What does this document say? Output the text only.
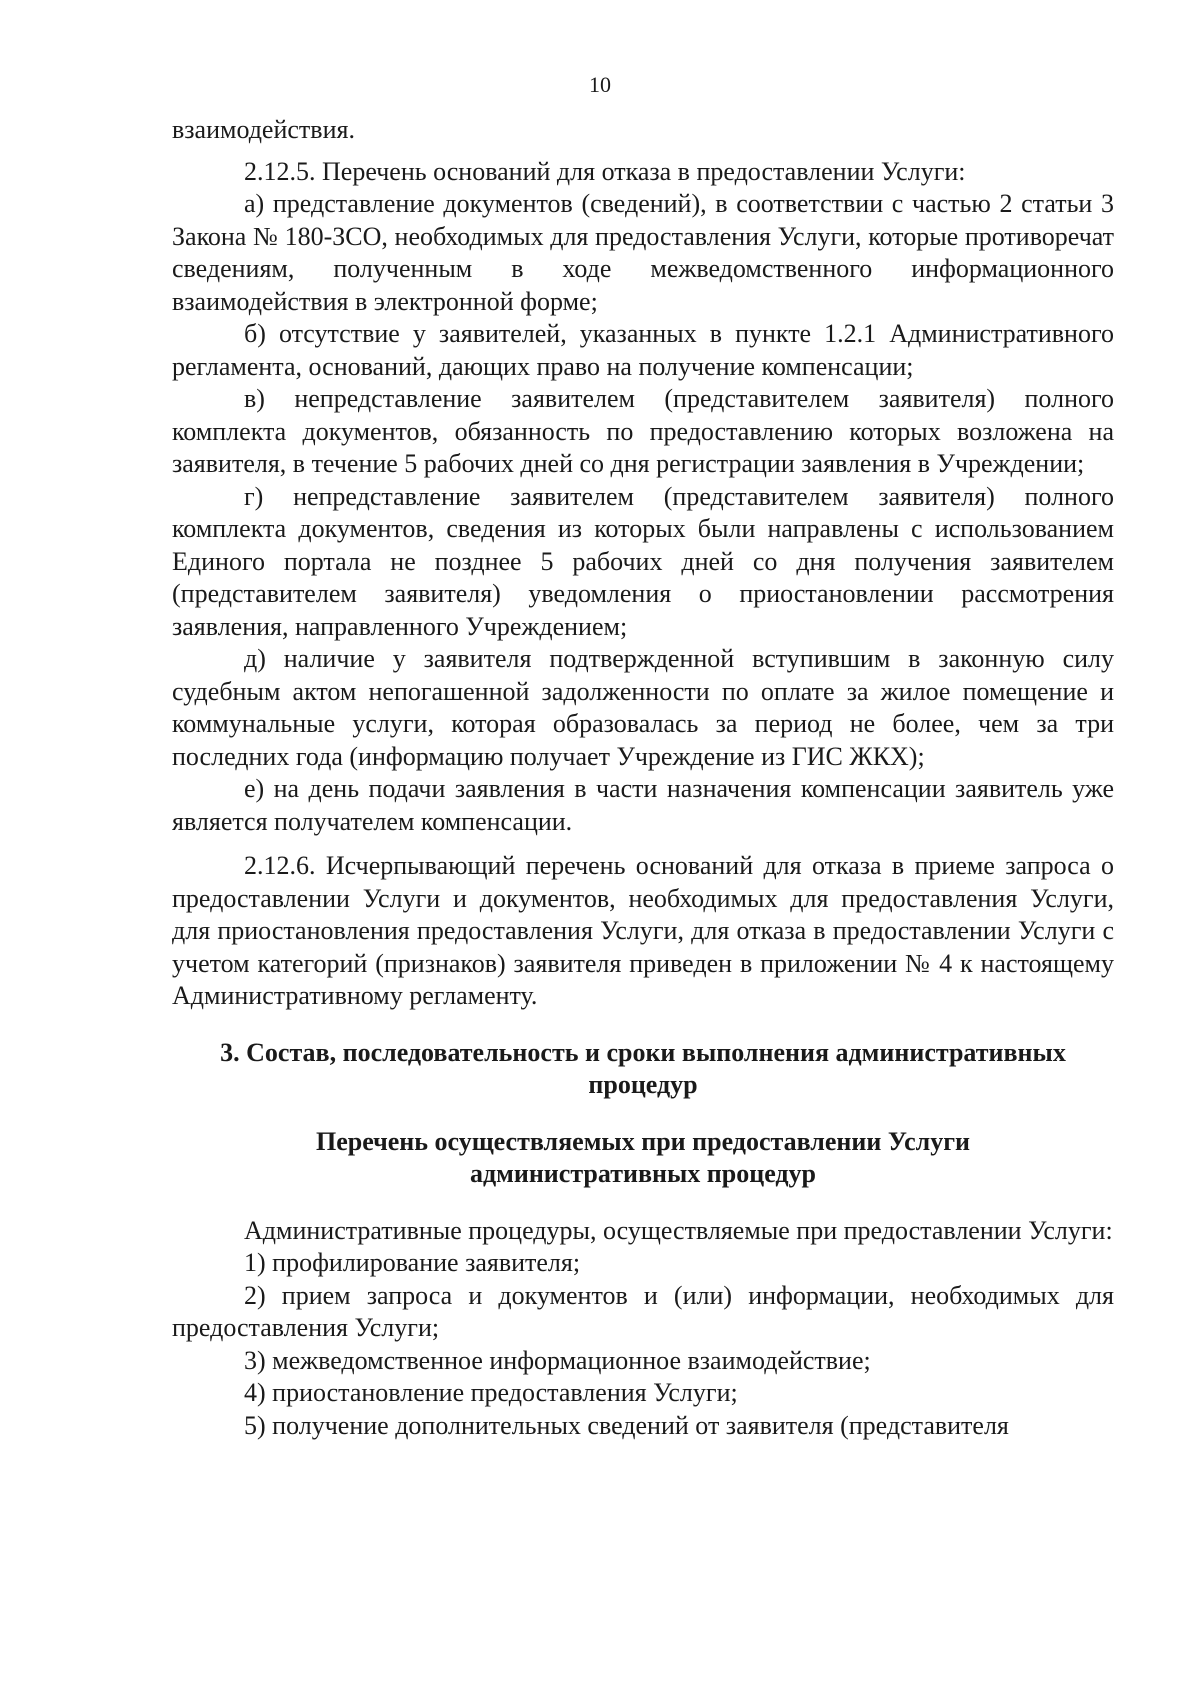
10

взаимодействия.

2.12.5. Перечень оснований для отказа в предоставлении Услуги:

а) представление документов (сведений), в соответствии с частью 2 статьи 3 Закона № 180-ЗСО, необходимых для предоставления Услуги, которые противоречат сведениям, полученным в ходе межведомственного информационного взаимодействия в электронной форме;

б) отсутствие у заявителей, указанных в пункте 1.2.1 Административного регламента, оснований, дающих право на получение компенсации;

в) непредставление заявителем (представителем заявителя) полного комплекта документов, обязанность по предоставлению которых возложена на заявителя, в течение 5 рабочих дней со дня регистрации заявления в Учреждении;

г) непредставление заявителем (представителем заявителя) полного комплекта документов, сведения из которых были направлены с использованием Единого портала не позднее 5 рабочих дней со дня получения заявителем (представителем заявителя) уведомления о приостановлении рассмотрения заявления, направленного Учреждением;

д) наличие у заявителя подтвержденной вступившим в законную силу судебным актом непогашенной задолженности по оплате за жилое помещение и коммунальные услуги, которая образовалась за период не более, чем за три последних года (информацию получает Учреждение из ГИС ЖКХ);

е) на день подачи заявления в части назначения компенсации заявитель уже является получателем компенсации.

2.12.6. Исчерпывающий перечень оснований для отказа в приеме запроса о предоставлении Услуги и документов, необходимых для предоставления Услуги, для приостановления предоставления Услуги, для отказа в предоставлении Услуги с учетом категорий (признаков) заявителя приведен в приложении № 4 к настоящему Административному регламенту.

3. Состав, последовательность и сроки выполнения административных
процедур
Перечень осуществляемых при предоставлении Услуги
административных процедур

Административные процедуры, осуществляемые при предоставлении Услуги:

1) профилирование заявителя;

2) прием запроса и документов и (или) информации, необходимых для предоставления Услуги;

3) межведомственное информационное взаимодействие;

4) приостановление предоставления Услуги;

5) получение дополнительных сведений от заявителя (представителя
